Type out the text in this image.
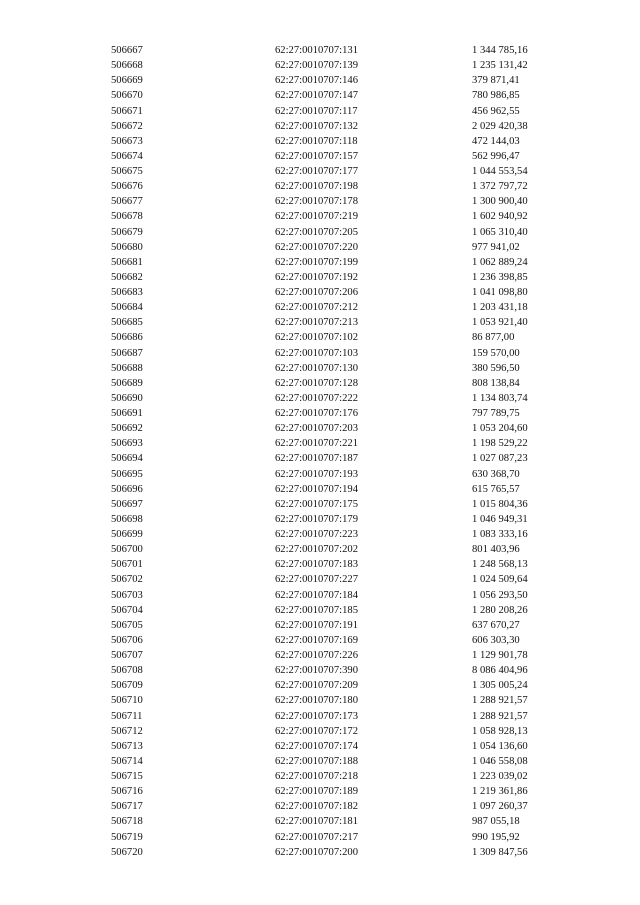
506667	62:27:0010707:131	1 344 785,16
506668	62:27:0010707:139	1 235 131,42
506669	62:27:0010707:146	379 871,41
506670	62:27:0010707:147	780 986,85
506671	62:27:0010707:117	456 962,55
506672	62:27:0010707:132	2 029 420,38
506673	62:27:0010707:118	472 144,03
506674	62:27:0010707:157	562 996,47
506675	62:27:0010707:177	1 044 553,54
506676	62:27:0010707:198	1 372 797,72
506677	62:27:0010707:178	1 300 900,40
506678	62:27:0010707:219	1 602 940,92
506679	62:27:0010707:205	1 065 310,40
506680	62:27:0010707:220	977 941,02
506681	62:27:0010707:199	1 062 889,24
506682	62:27:0010707:192	1 236 398,85
506683	62:27:0010707:206	1 041 098,80
506684	62:27:0010707:212	1 203 431,18
506685	62:27:0010707:213	1 053 921,40
506686	62:27:0010707:102	86 877,00
506687	62:27:0010707:103	159 570,00
506688	62:27:0010707:130	380 596,50
506689	62:27:0010707:128	808 138,84
506690	62:27:0010707:222	1 134 803,74
506691	62:27:0010707:176	797 789,75
506692	62:27:0010707:203	1 053 204,60
506693	62:27:0010707:221	1 198 529,22
506694	62:27:0010707:187	1 027 087,23
506695	62:27:0010707:193	630 368,70
506696	62:27:0010707:194	615 765,57
506697	62:27:0010707:175	1 015 804,36
506698	62:27:0010707:179	1 046 949,31
506699	62:27:0010707:223	1 083 333,16
506700	62:27:0010707:202	801 403,96
506701	62:27:0010707:183	1 248 568,13
506702	62:27:0010707:227	1 024 509,64
506703	62:27:0010707:184	1 056 293,50
506704	62:27:0010707:185	1 280 208,26
506705	62:27:0010707:191	637 670,27
506706	62:27:0010707:169	606 303,30
506707	62:27:0010707:226	1 129 901,78
506708	62:27:0010707:390	8 086 404,96
506709	62:27:0010707:209	1 305 005,24
506710	62:27:0010707:180	1 288 921,57
506711	62:27:0010707:173	1 288 921,57
506712	62:27:0010707:172	1 058 928,13
506713	62:27:0010707:174	1 054 136,60
506714	62:27:0010707:188	1 046 558,08
506715	62:27:0010707:218	1 223 039,02
506716	62:27:0010707:189	1 219 361,86
506717	62:27:0010707:182	1 097 260,37
506718	62:27:0010707:181	987 055,18
506719	62:27:0010707:217	990 195,92
506720	62:27:0010707:200	1 309 847,56
